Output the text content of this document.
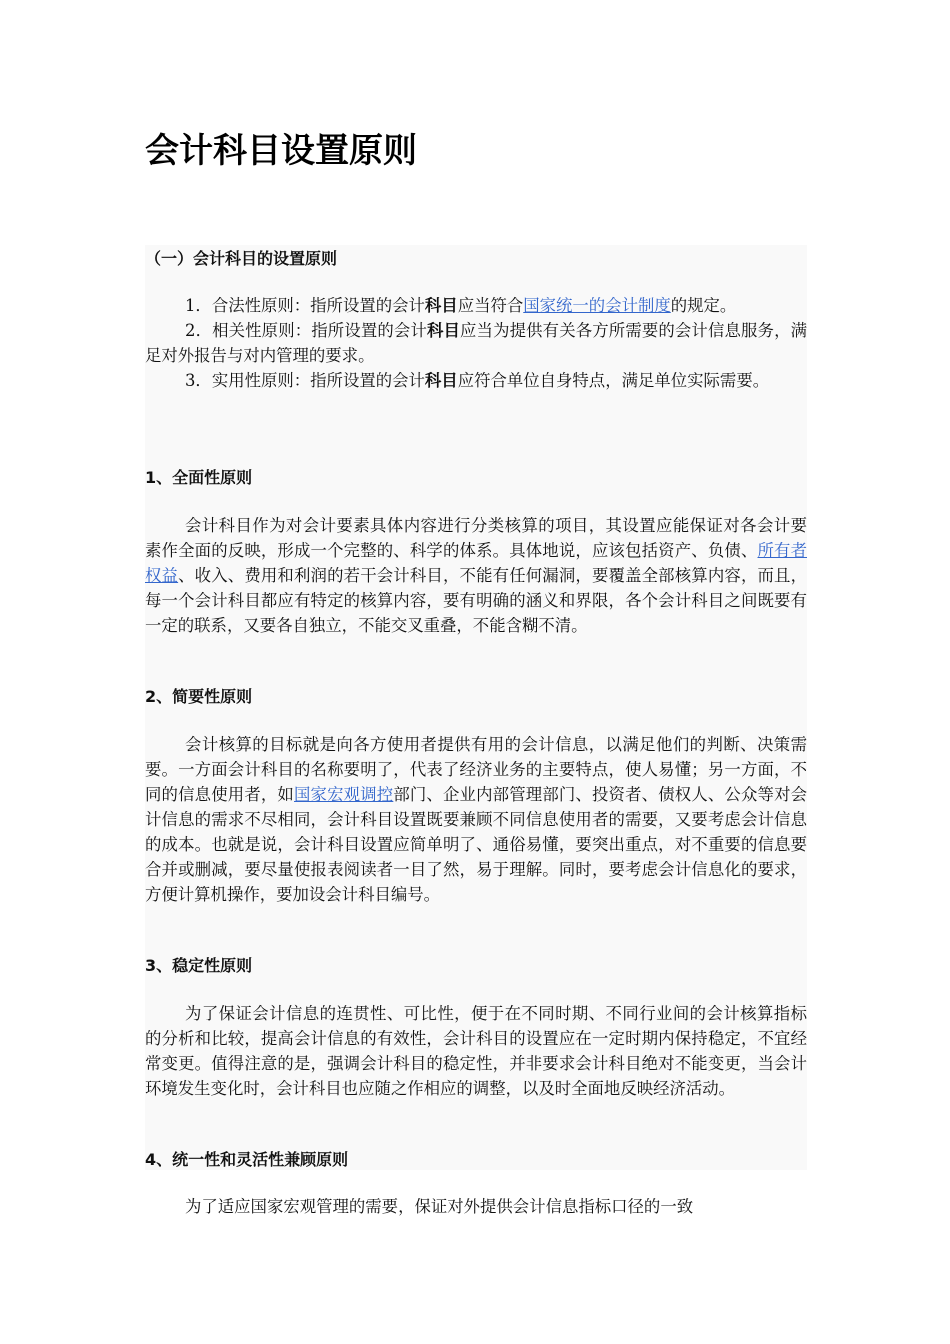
会计科目设置原则
（一）会计科目的设置原则

1．合法性原则：指所设置的会计科目应当符合国家统一的会计制度的规定。

2．相关性原则：指所设置的会计科目应当为提供有关各方所需要的会计信息服务，满足对外报告与对内管理的要求。

3．实用性原则：指所设置的会计科目应符合单位自身特点，满足单位实际需要。

1、全面性原则

会计科目作为对会计要素具体内容进行分类核算的项目，其设置应能保证对各会计要素作全面的反映，形成一个完整的、科学的体系。具体地说，应该包括资产、负债、所有者权益、收入、费用和利润的若干会计科目，不能有任何漏洞，要覆盖全部核算内容，而且，每一个会计科目都应有特定的核算内容，要有明确的涵义和界限，各个会计科目之间既要有一定的联系，又要各自独立，不能交叉重叠，不能含糊不清。

2、简要性原则

会计核算的目标就是向各方使用者提供有用的会计信息，以满足他们的判断、决策需要。一方面会计科目的名称要明了，代表了经济业务的主要特点，使人易懂；另一方面，不同的信息使用者，如国家宏观调控部门、企业内部管理部门、投资者、债权人、公众等对会计信息的需求不尽相同，会计科目设置既要兼顾不同信息使用者的需要，又要考虑会计信息的成本。也就是说，会计科目设置应简单明了、通俗易懂，要突出重点，对不重要的信息要合并或删减，要尽量使报表阅读者一目了然，易于理解。同时，要考虑会计信息化的要求，方便计算机操作，要加设会计科目编号。

3、稳定性原则

为了保证会计信息的连贯性、可比性，便于在不同时期、不同行业间的会计核算指标的分析和比较，提高会计信息的有效性，会计科目的设置应在一定时期内保持稳定，不宜经常变更。值得注意的是，强调会计科目的稳定性，并非要求会计科目绝对不能变更，当会计环境发生变化时，会计科目也应随之作相应的调整，以及时全面地反映经济活动。

4、统一性和灵活性兼顾原则
为了适应国家宏观管理的需要，保证对外提供会计信息指标口径的一致
